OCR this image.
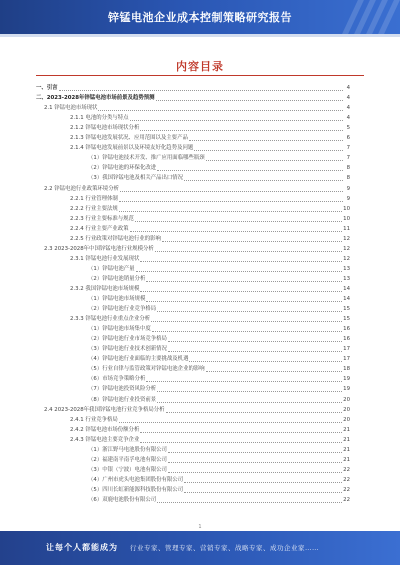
锌锰电池企业成本控制策略研究报告
内容目录
一、引言	4
二、2023-2028年锌锰电池市场前景及趋势预测	4
2.1 锌锰电池市场现状	4
2.1.1 电池的分类与特点	4
2.1.2 锌锰电池市场现状分析	5
2.1.3 锌锰电池发展状况、应用范围以及主要产品	6
2.1.4 锌锰电池发展前景以及环境友好化趋势及问题	7
（1）锌锰电池技术开发、推广应用面临哪些瓶颈	7
（2）锌锰电池的环保化改进	8
（3）我国锌锰电池及相关产品出口情况	8
2.2 锌锰电池行业政策环境分析	9
2.2.1 行业管理体制	9
2.2.2 行业主要法规	10
2.2.3 行业主要标准与规范	10
2.2.4 行业主要产业政策	11
2.2.5 行业政策对锌锰电池行业的影响	12
2.3 2023-2028年中国锌锰电池行业规模分析	12
2.3.1 锌锰电池行业发展现状	12
（1）锌锰电池产量	13
（2）锌锰电池销量分析	13
2.3.2 我国锌锰电池市场规模	14
（1）锌锰电池市场规模	14
（2）锌锰电池行业竞争格局	15
2.3.3 锌锰电池行业重点企业分析	15
（1）锌锰电池市场集中度	16
（2）锌锰电池行业市场竞争格局	16
（3）锌锰电池行业技术创新情况	17
（4）锌锰电池行业面临的主要挑战及机遇	17
（5）行业自律与监管政策对锌锰电池企业的影响	18
（6）市场竞争策略分析	19
（7）锌锰电池投资风险分析	19
（8）锌锰电池行业投资前景	20
2.4 2023-2028年我国锌锰电池行业竞争格局分析	20
2.4.1 行业竞争格局	20
2.4.2 锌锰电池市场份额分析	21
2.4.3 锌锰电池主要竞争企业	21
（1）浙江野马电池股份有限公司	21
（2）福建南平南孚电池有限公司	21
（3）中银（宁波）电池有限公司	22
（4）广州市虎头电池集团股份有限公司	22
（5）四川长虹新能源科技股份有限公司	22
（6）双鹿电池股份有限公司	22
1
让每个人都能成为 行业专家、管理专家、营销专家、战略专家、成功企业家……
